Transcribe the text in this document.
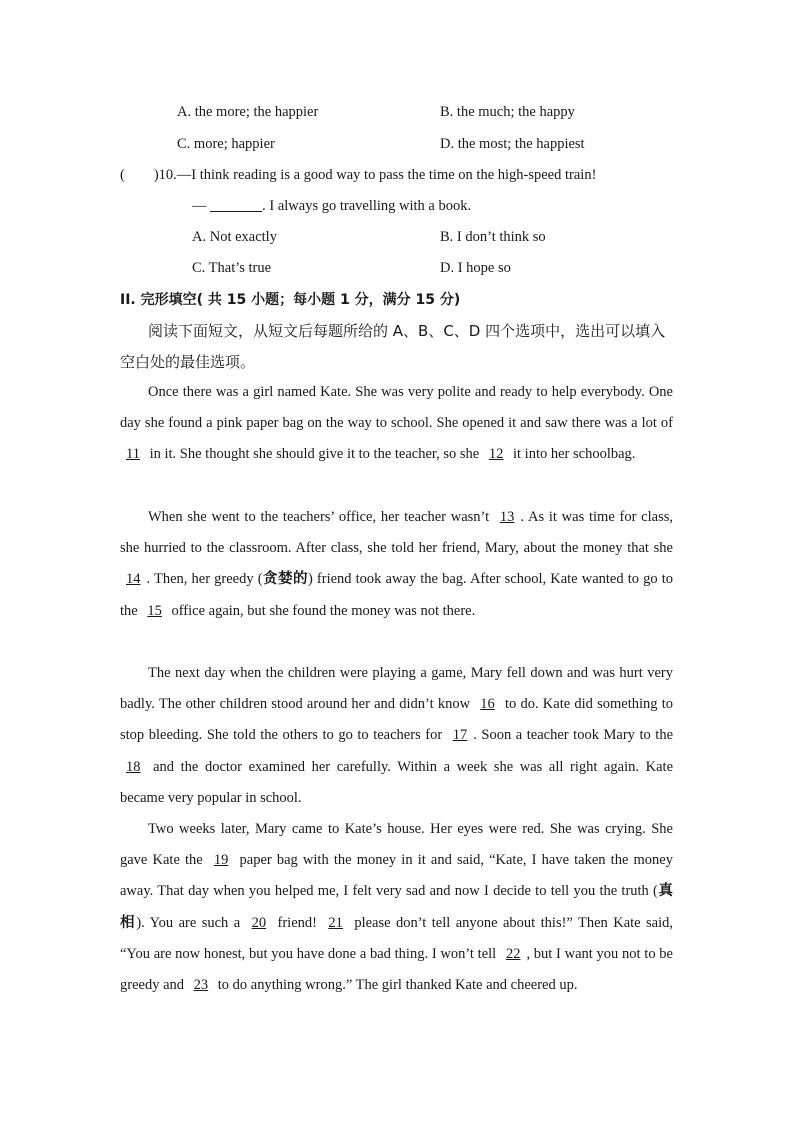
A. the more; the happier	B. the much; the happy
C. more; happier	D. the most; the happiest
(        )10.—I think reading is a good way to pass the time on the high-speed train!
—	. I always go travelling with a book.
A. Not exactly	B. I don’t think so
C. That’s true	D. I hope so
II. 完形填空( 共 15 小题；每小题 1 分，满分 15 分)
阅读下面短文，从短文后每题所给的 A、B、C、D 四个选项中，选出可以填入空白处的最佳选项。
Once there was a girl named Kate. She was very polite and ready to help everybody. One day she found a pink paper bag on the way to school. She opened it and saw there was a lot of 11 in it. She thought she should give it to the teacher, so she 12 it into her schoolbag.
When she went to the teachers’ office, her teacher wasn’t 13 . As it was time for class, she hurried to the classroom. After class, she told her friend, Mary, about the money that she 14 . Then, her greedy (贪婪的) friend took away the bag. After school, Kate wanted to go to the 15 office again, but she found the money was not there.
The next day when the children were playing a game, Mary fell down and was hurt very badly. The other children stood around her and didn’t know 16 to do. Kate did something to stop bleeding. She told the others to go to teachers for 17 . Soon a teacher took Mary to the 18 and the doctor examined her carefully. Within a week she was all right again. Kate became very popular in school.
Two weeks later, Mary came to Kate’s house. Her eyes were red. She was crying. She gave Kate the 19 paper bag with the money in it and said, “Kate, I have taken the money away. That day when you helped me, I felt very sad and now I decide to tell you the truth (真相). You are such a 20 friend! 21 please don’t tell anyone about this!” Then Kate said, “You are now honest, but you have done a bad thing. I won’t tell 22 , but I want you not to be greedy and 23 to do anything wrong.” The girl thanked Kate and cheered up.
